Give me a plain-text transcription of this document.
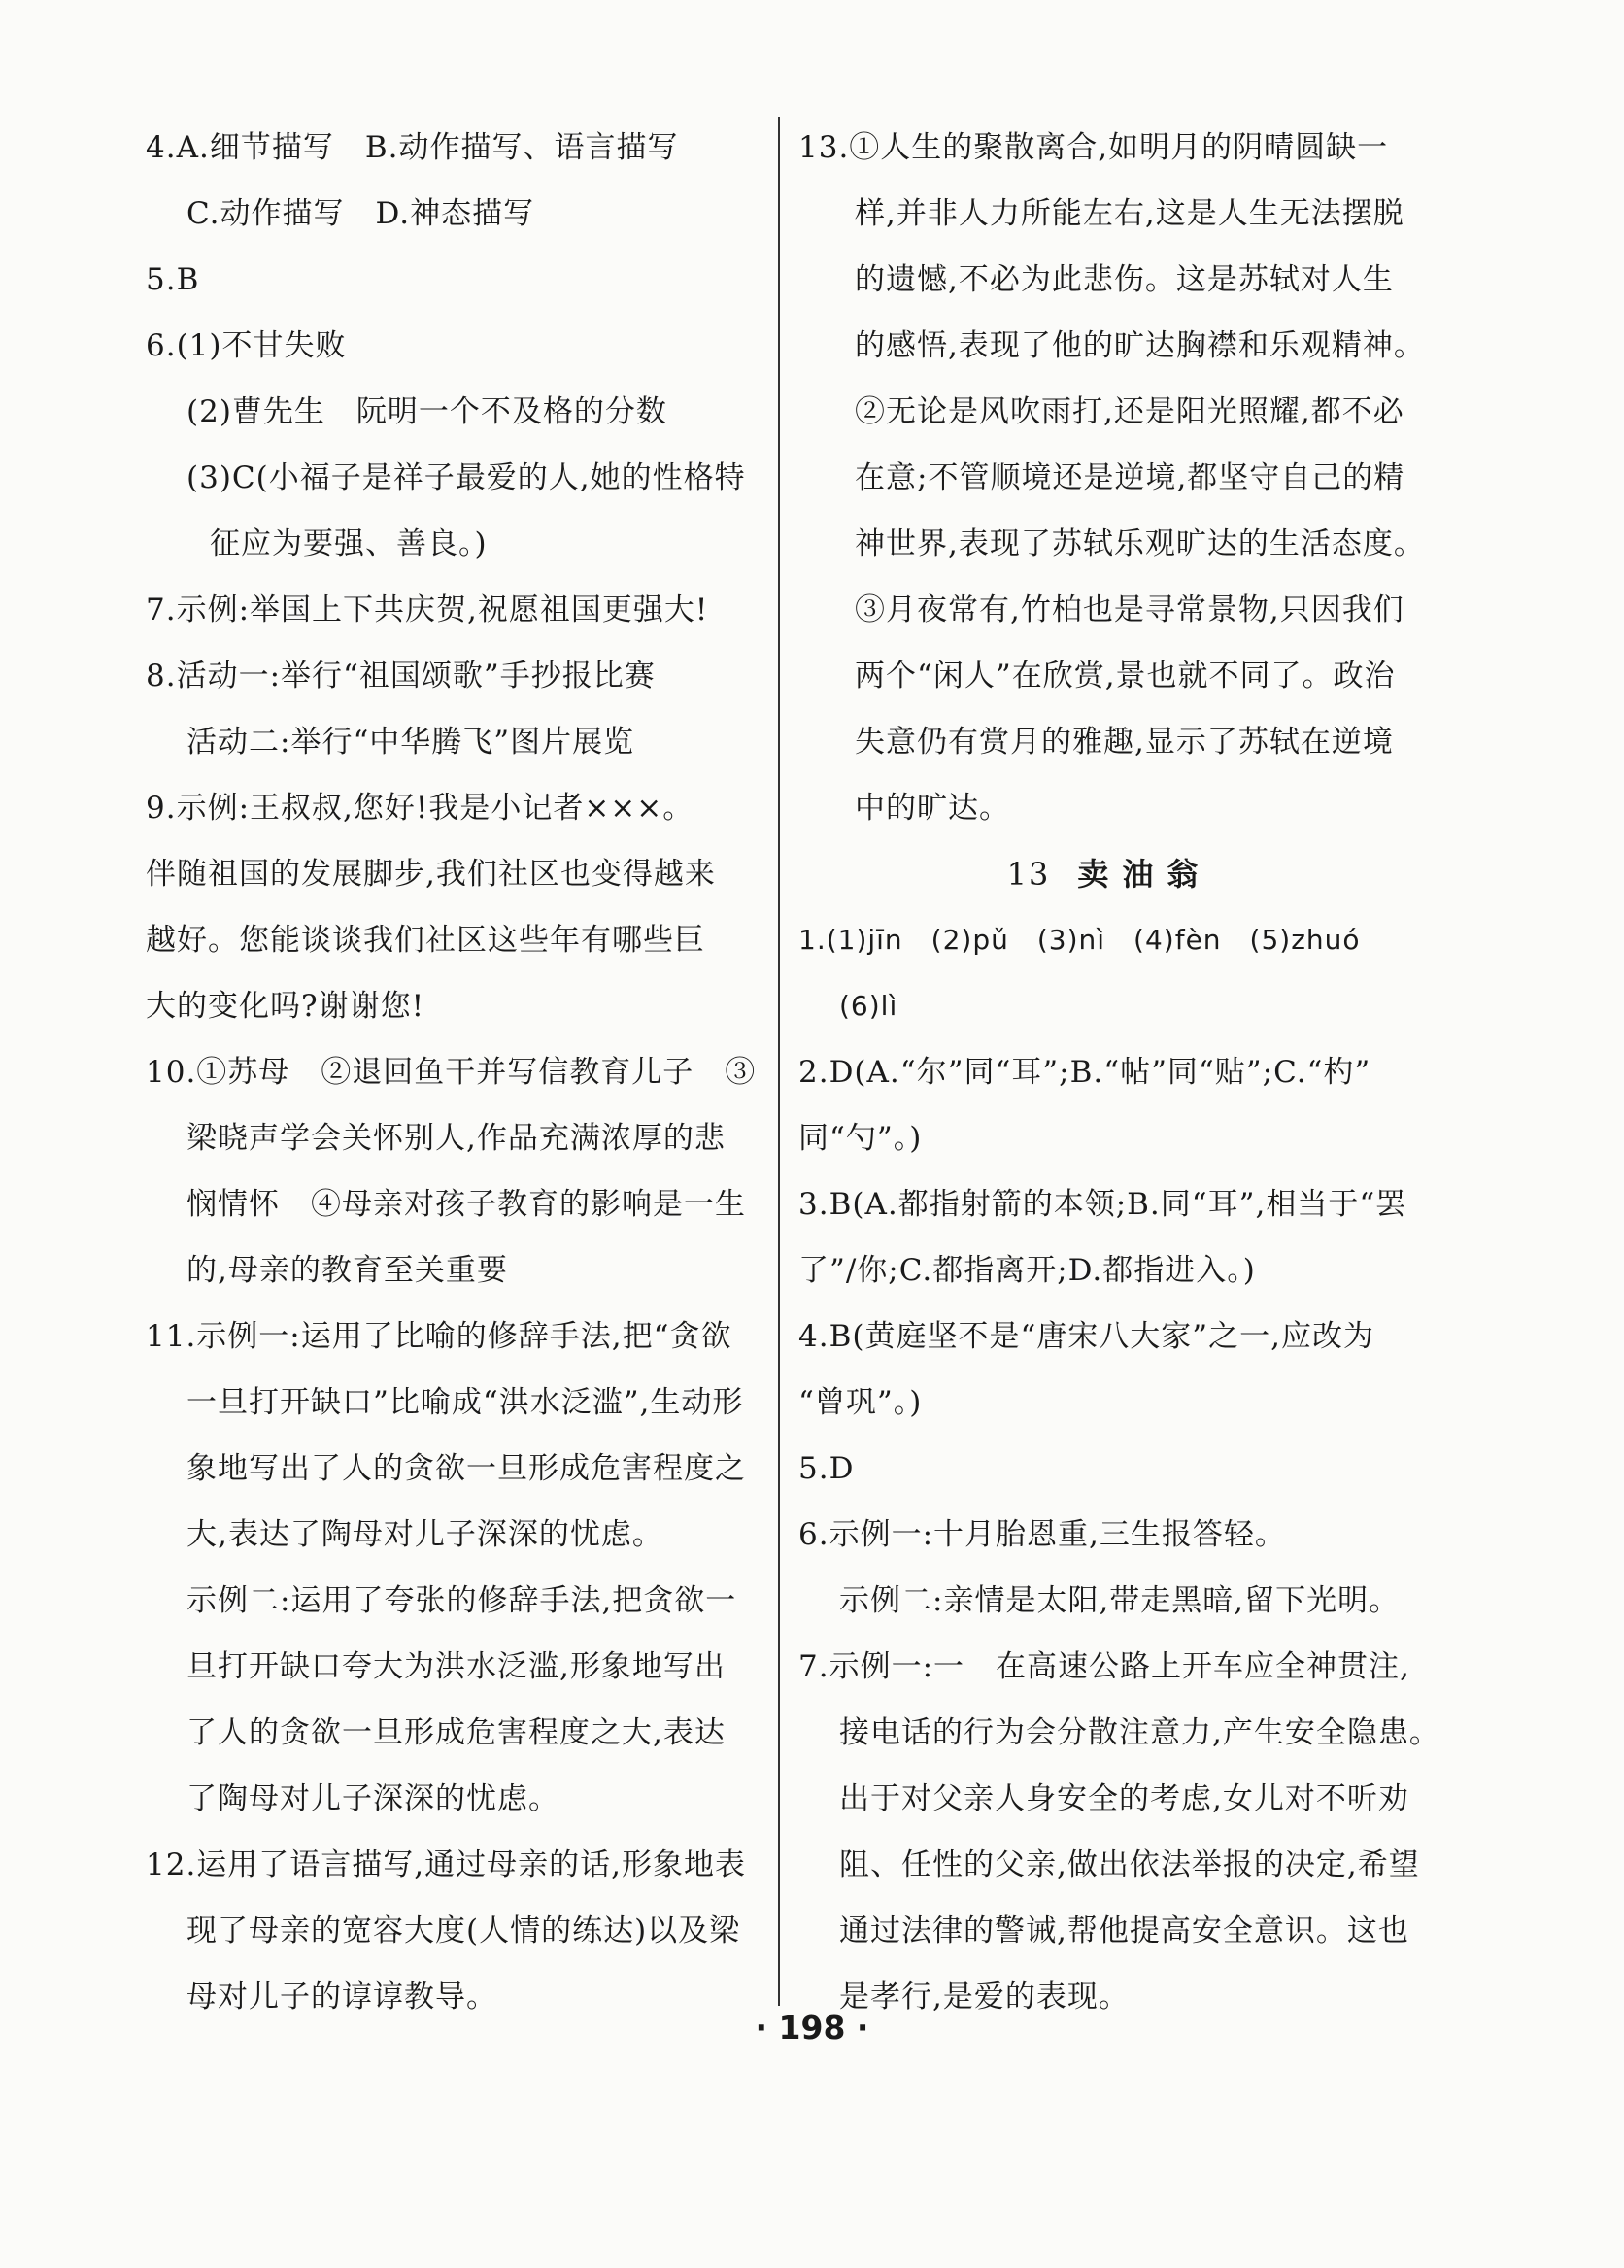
4.A.细节描写　B.动作描写、语言描写
C.动作描写　D.神态描写
5.B
6.(1)不甘失败
(2)曹先生　阮明一个不及格的分数
(3)C(小福子是祥子最爱的人,她的性格特
征应为要强、善良。)
7.示例:举国上下共庆贺,祝愿祖国更强大!
8.活动一:举行“祖国颂歌”手抄报比赛
活动二:举行“中华腾飞”图片展览
9.示例:王叔叔,您好!我是小记者×××。
伴随祖国的发展脚步,我们社区也变得越来
越好。您能谈谈我们社区这些年有哪些巨
大的变化吗?谢谢您!
10.①苏母　②退回鱼干并写信教育儿子　③
梁晓声学会关怀别人,作品充满浓厚的悲
悯情怀　④母亲对孩子教育的影响是一生
的,母亲的教育至关重要
11.示例一:运用了比喻的修辞手法,把“贪欲
一旦打开缺口”比喻成“洪水泛滥”,生动形
象地写出了人的贪欲一旦形成危害程度之
大,表达了陶母对儿子深深的忧虑。
示例二:运用了夸张的修辞手法,把贪欲一
旦打开缺口夸大为洪水泛滥,形象地写出
了人的贪欲一旦形成危害程度之大,表达
了陶母对儿子深深的忧虑。
12.运用了语言描写,通过母亲的话,形象地表
现了母亲的宽容大度(人情的练达)以及梁
母对儿子的谆谆教导。
13.①人生的聚散离合,如明月的阴晴圆缺一
样,并非人力所能左右,这是人生无法摆脱
的遗憾,不必为此悲伤。这是苏轼对人生
的感悟,表现了他的旷达胸襟和乐观精神。
②无论是风吹雨打,还是阳光照耀,都不必
在意;不管顺境还是逆境,都坚守自己的精
神世界,表现了苏轼乐观旷达的生活态度。
③月夜常有,竹柏也是寻常景物,只因我们
两个“闲人”在欣赏,景也就不同了。政治
失意仍有赏月的雅趣,显示了苏轼在逆境
中的旷达。
13 卖油翁
1.(1)jīn　(2)pǔ　(3)nì　(4)fèn　(5)zhuó
(6)lì
2.D(A.“尔”同“耳”;B.“帖”同“贴”;C.“杓”
同“勺”。)
3.B(A.都指射箭的本领;B.同“耳”,相当于“罢
了”/你;C.都指离开;D.都指进入。)
4.B(黄庭坚不是“唐宋八大家”之一,应改为
“曾巩”。)
5.D
6.示例一:十月胎恩重,三生报答轻。
示例二:亲情是太阳,带走黑暗,留下光明。
7.示例一:一　在高速公路上开车应全神贯注,
接电话的行为会分散注意力,产生安全隐患。
出于对父亲人身安全的考虑,女儿对不听劝
阻、任性的父亲,做出依法举报的决定,希望
通过法律的警诫,帮他提高安全意识。这也
是孝行,是爱的表现。
· 198 ·
